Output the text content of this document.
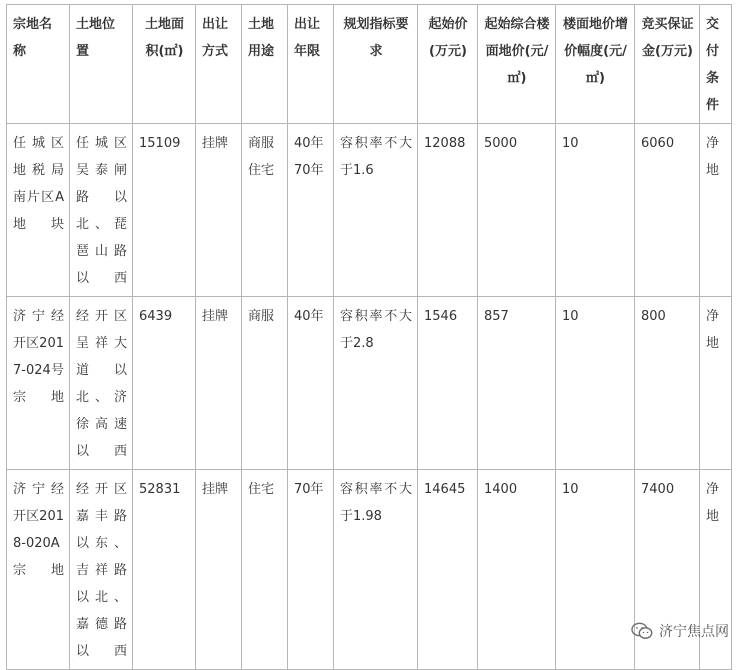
宗地名称	土地位置	土地面积(㎡)	出让方式	土地用途	出让年限	规划指标要求	起始价(万元)	起始综合楼面地价(元/㎡)	楼面地价增价幅度(元/㎡)	竞买保证金(万元)	交付条件
任城区地税局南片区A地块	任城区吴泰闸路以北、琵琶山路以西	15109	挂牌	商服住宅	40年70年	容积率不大于1.6	12088	5000	10	6060	净地
济宁经开区2017-024号宗地	经开区呈祥大道以北、济徐高速以西	6439	挂牌	商服	40年	容积率不大于2.8	1546	857	10	800	净地
济宁经开区2018-020A宗地	经开区嘉丰路以东、吉祥路以北、嘉德路以西	52831	挂牌	住宅	70年	容积率不大于1.98	14645	1400	10	7400	净地
济宁焦点网
